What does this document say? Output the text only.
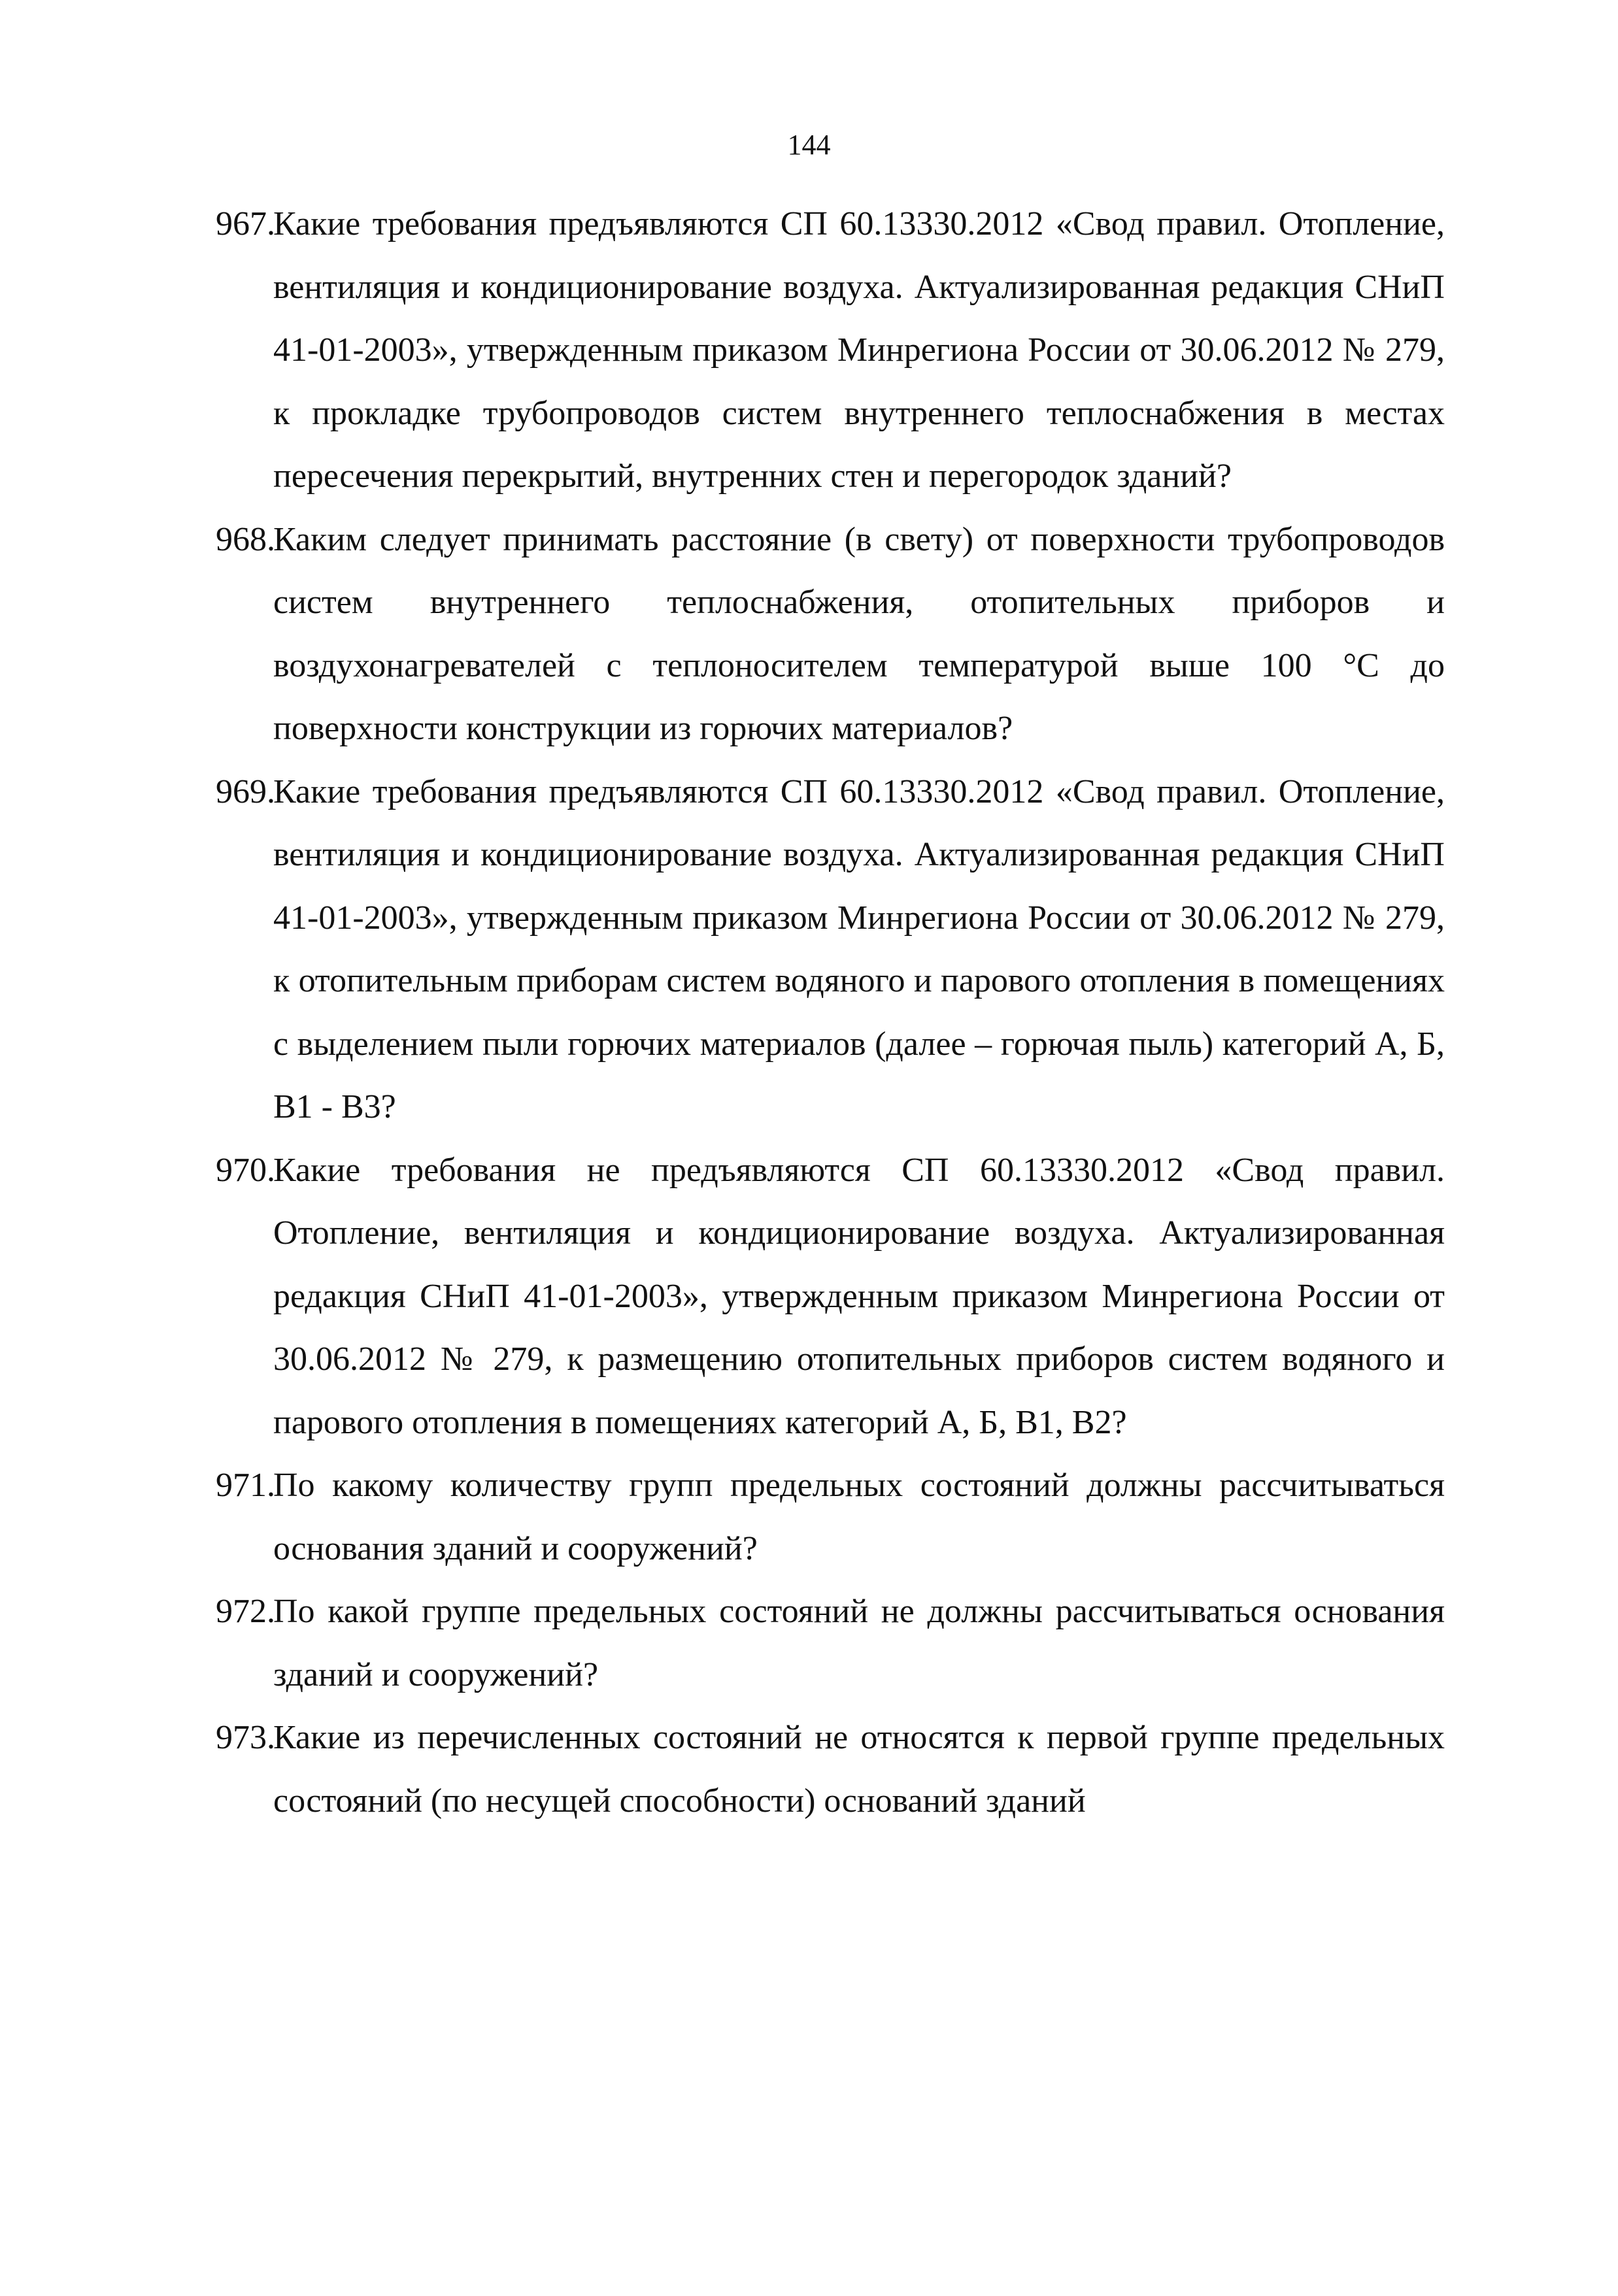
144
967.
Какие требования предъявляются СП 60.13330.2012 «Свод правил. Отопление, вентиляция и кондиционирование воздуха. Актуализированная редакция СНиП 41-01-2003», утвержденным приказом Минрегиона России от 30.06.2012 № 279, к прокладке трубопроводов систем внутреннего теплоснабжения в местах пересечения перекрытий, внутренних стен и перегородок зданий?
968.
Каким следует принимать расстояние (в свету) от поверхности трубопроводов систем внутреннего теплоснабжения, отопительных приборов и воздухонагревателей с теплоносителем температурой выше 100 °С до поверхности конструкции из горючих материалов?
969.
Какие требования предъявляются СП 60.13330.2012 «Свод правил. Отопление, вентиляция и кондиционирование воздуха. Актуализированная редакция СНиП 41-01-2003», утвержденным приказом Минрегиона России от 30.06.2012 № 279, к отопительным приборам систем водяного и парового отопления в помещениях с выделением пыли горючих материалов (далее – горючая пыль) категорий А, Б, В1 - В3?
970.
Какие требования не предъявляются СП 60.13330.2012 «Свод правил. Отопление, вентиляция и кондиционирование воздуха. Актуализированная редакция СНиП 41-01-2003», утвержденным приказом Минрегиона России от 30.06.2012 № 279, к размещению отопительных приборов систем водяного и парового отопления в помещениях категорий А, Б, В1, В2?
971.
По какому количеству групп предельных состояний должны рассчитываться основания зданий и сооружений?
972.
По какой группе предельных состояний не должны рассчитываться основания зданий и сооружений?
973.
Какие из перечисленных состояний не относятся к первой группе предельных состояний (по несущей способности) оснований зданий
